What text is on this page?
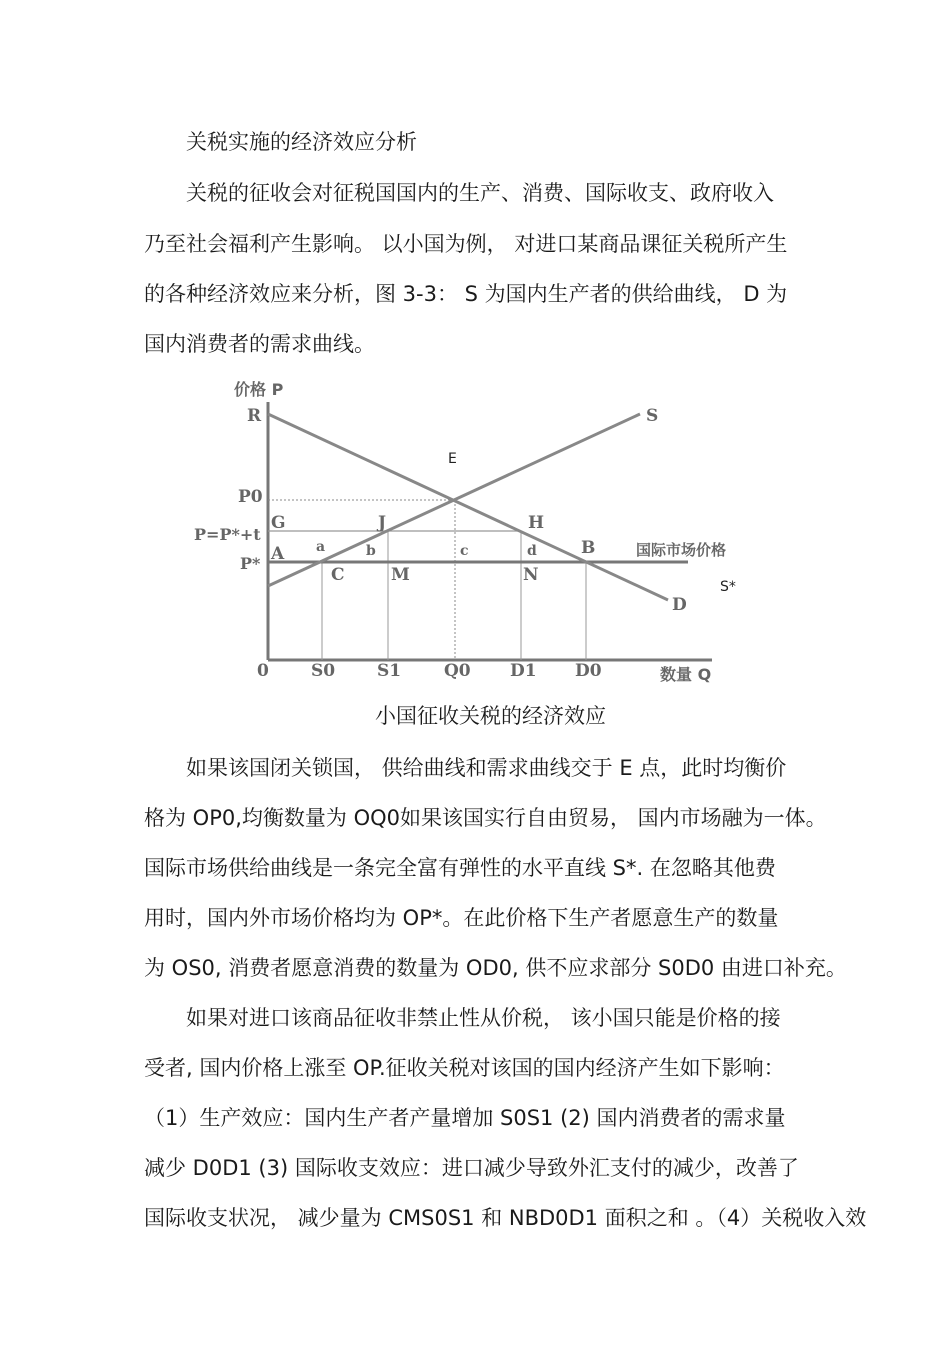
关税实施的经济效应分析
关税的征收会对征税国国内的生产、消费、国际收支、政府收入
乃至社会福利产生影响。 以小国为例， 对进口某商品课征关税所产生
的各种经济效应来分析，图 3-3： S 为国内生产者的供给曲线， D 为
国内消费者的需求曲线。
价格 P
R
P0
P=P*+t
P*
0 S0 S1	Q0 D1 D0	数量 Q
S
D
E
G	J	H
A
C	M	N
B
a	b	c	d	国际市场价格
S*
小国征收关税的经济效应
如果该国闭关锁国， 供给曲线和需求曲线交于 E 点，此时均衡价
格为 OP0,均衡数量为 OQ0如果该国实行自由贸易， 国内市场融为一体。
国际市场供给曲线是一条完全富有弹性的水平直线 S*. 在忽略其他费
用时，国内外市场价格均为 OP*。在此价格下生产者愿意生产的数量
为 OS0, 消费者愿意消费的数量为 OD0, 供不应求部分 S0D0 由进口补充。
如果对进口该商品征收非禁止性从价税， 该小国只能是价格的接
受者, 国内价格上涨至 OP.征收关税对该国的国内经济产生如下影响：
（1）生产效应：国内生产者产量增加 S0S1 (2) 国内消费者的需求量
减少 D0D1 (3) 国际收支效应：进口减少导致外汇支付的减少，改善了
国际收支状况， 减少量为 CMS0S1 和 NBD0D1 面积之和 。（4）关税收入效
